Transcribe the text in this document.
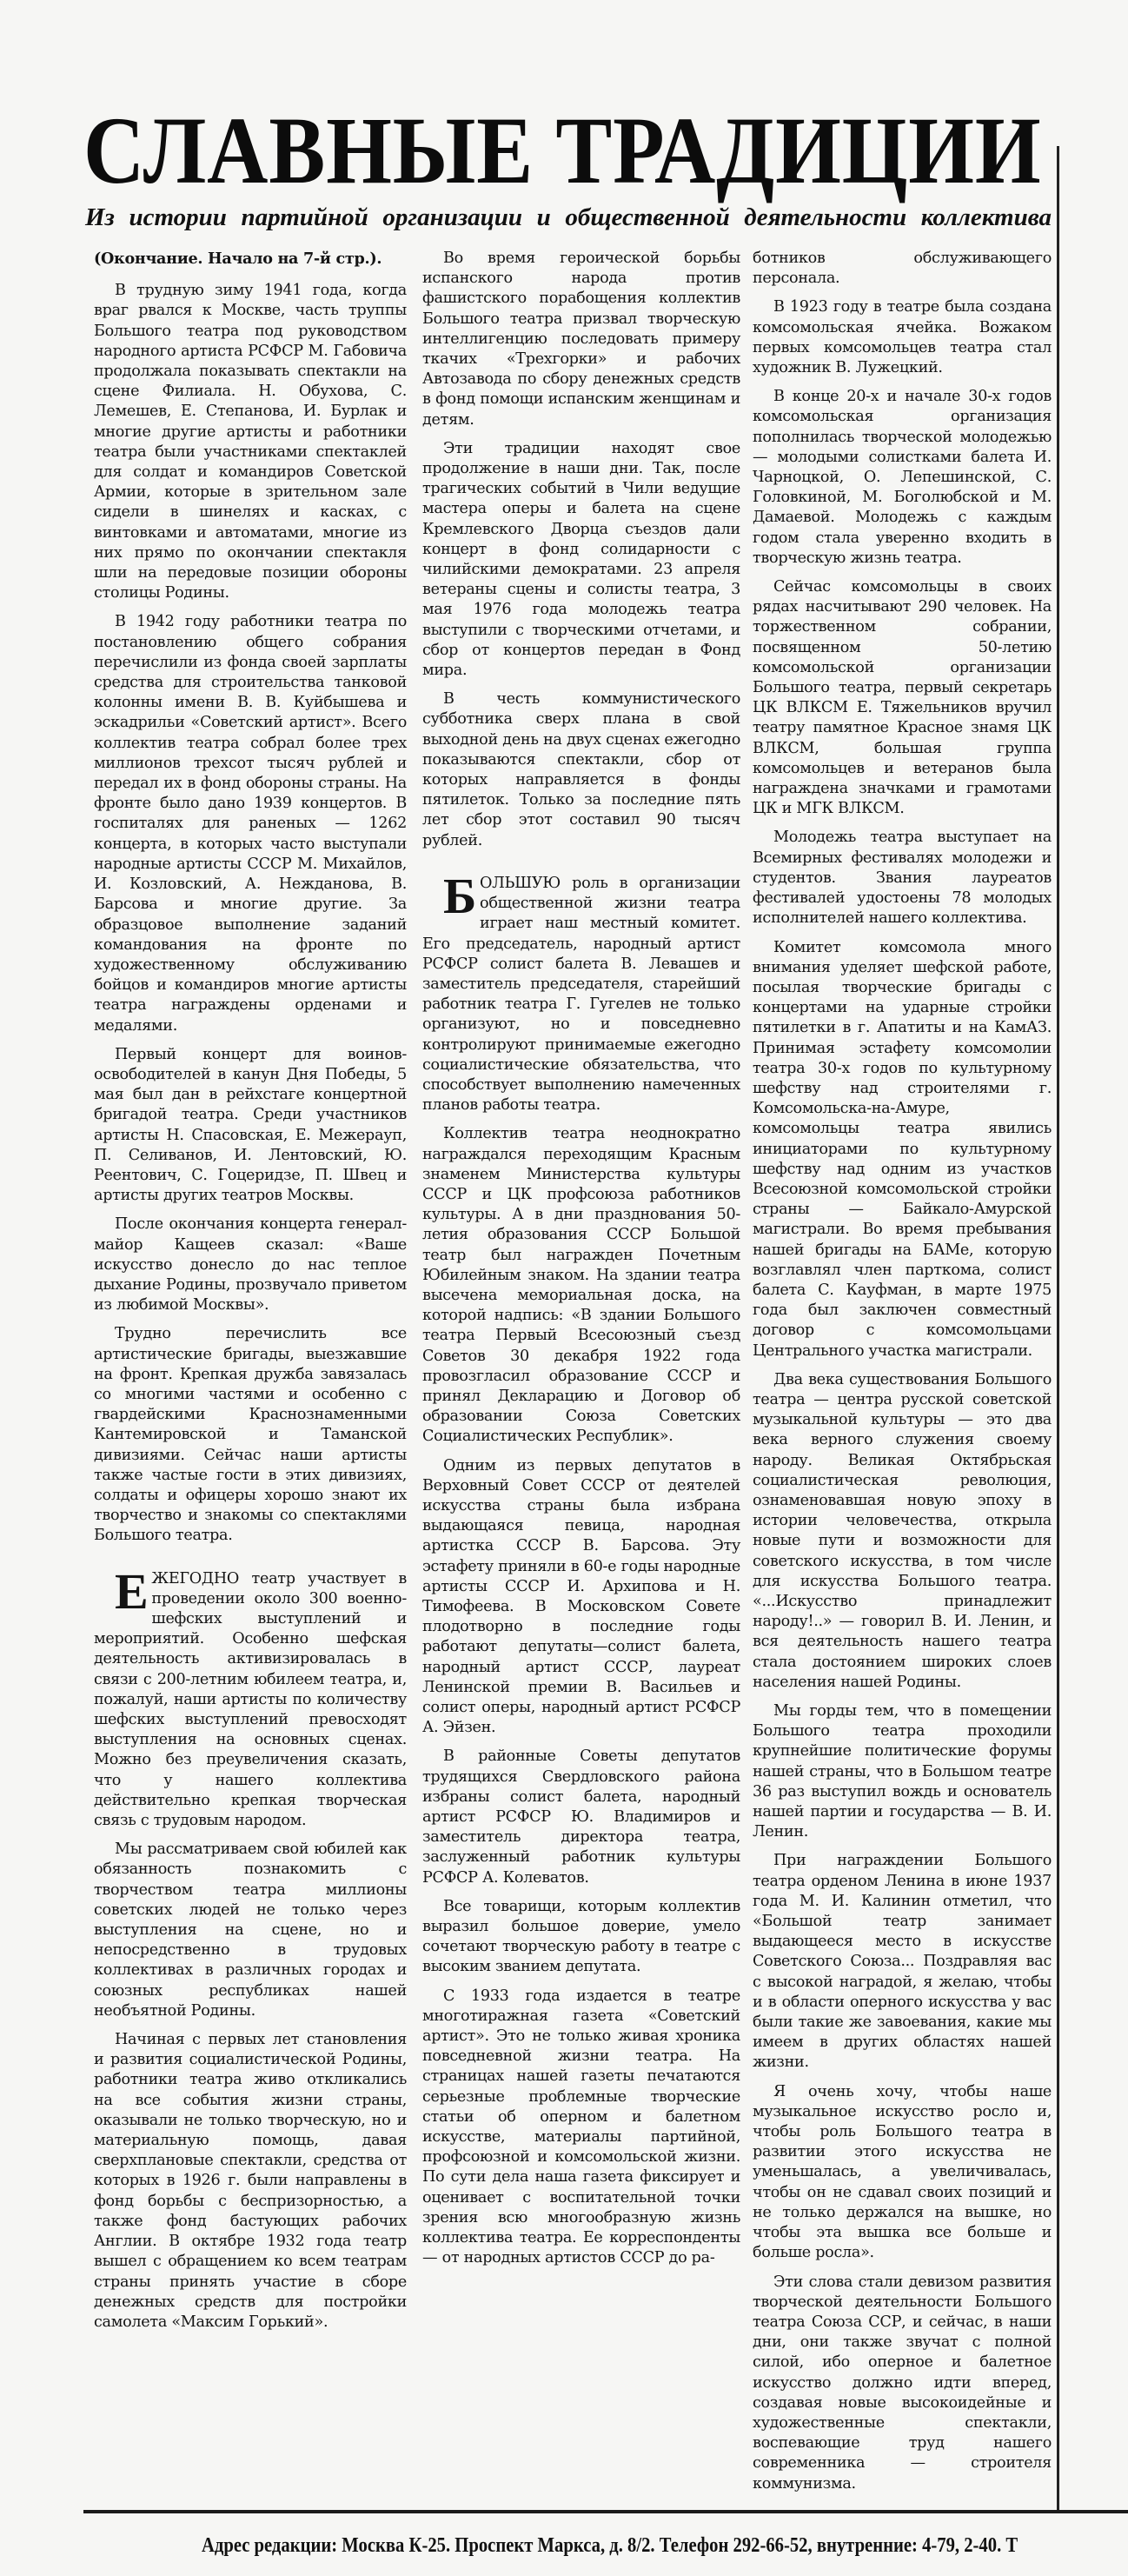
СЛАВНЫЕ ТРАДИЦИИ
Из истории партийной организации и общественной деятельности коллектива

(Окончание. Начало на 7-й стр.).

В трудную зиму 1941 года, когда враг рвался к Москве, часть труппы Большого театра под руководством народного артиста РСФСР М. Габовича продолжала показывать спектакли на сцене Филиала. Н. Обухова, С. Лемешев, Е. Степанова, И. Бурлак и многие другие артисты и работники театра были участниками спектаклей для солдат и командиров Советской Армии, которые в зрительном зале сидели в шинелях и касках, с винтовками и автоматами, многие из них прямо по окончании спектакля шли на передовые позиции обороны столицы Родины.

В 1942 году работники театра по постановлению общего собрания перечислили из фонда своей зарплаты средства для строительства танковой колонны имени В. В. Куйбышева и эскадрильи «Советский артист». Всего коллектив театра собрал более трех миллионов трехсот тысяч рублей и передал их в фонд обороны страны. На фронте было дано 1939 концертов. В госпиталях для раненых — 1262 концерта, в которых часто выступали народные артисты СССР М. Михайлов, И. Козловский, А. Нежданова, В. Барсова и многие другие. За образцовое выполнение заданий командования на фронте по художественному обслуживанию бойцов и командиров многие артисты театра награждены орденами и медалями.

Первый концерт для воинов-освободителей в канун Дня Победы, 5 мая был дан в рейхстаге концертной бригадой театра. Среди участников артисты Н. Спасовская, Е. Межерауп, П. Селиванов, И. Лентовский, Ю. Реентович, С. Гоцеридзе, П. Швец и артисты других театров Москвы.

После окончания концерта генерал-майор Кащеев сказал: «Ваше искусство донесло до нас теплое дыхание Родины, прозвучало приветом из любимой Москвы».

Трудно перечислить все артистические бригады, выезжавшие на фронт. Крепкая дружба завязалась со многими частями и особенно с гвардейскими Краснознаменными Кантемировской и Таманской дивизиями. Сейчас наши артисты также частые гости в этих дивизиях, солдаты и офицеры хорошо знают их творчество и знакомы со спектаклями Большого театра.

ЕЖЕГОДНО театр участвует в проведении около 300 военно-шефских выступлений и мероприятий. Особенно шефская деятельность активизировалась в связи с 200-летним юбилеем театра, и, пожалуй, наши артисты по количеству шефских выступлений превосходят выступления на основных сценах. Можно без преувеличения сказать, что у нашего коллектива действительно крепкая творческая связь с трудовым народом.

Мы рассматриваем свой юбилей как обязанность познакомить с творчеством театра миллионы советских людей не только через выступления на сцене, но и непосредственно в трудовых коллективах в различных городах и союзных республиках нашей необъятной Родины.

Начиная с первых лет становления и развития социалистической Родины, работники театра живо откликались на все события жизни страны, оказывали не только творческую, но и материальную помощь, давая сверхплановые спектакли, средства от которых в 1926 г. были направлены в фонд борьбы с беспризорностью, а также фонд бастующих рабочих Англии. В октябре 1932 года театр вышел с обращением ко всем театрам страны принять участие в сборе денежных средств для постройки самолета «Максим Горький».

Во время героической борьбы испанского народа против фашистского порабощения коллектив Большого театра призвал творческую интеллигенцию последовать примеру ткачих «Трехгорки» и рабочих Автозавода по сбору денежных средств в фонд помощи испанским женщинам и детям.

Эти традиции находят свое продолжение в наши дни. Так, после трагических событий в Чили ведущие мастера оперы и балета на сцене Кремлевского Дворца съездов дали концерт в фонд солидарности с чилийскими демократами. 23 апреля ветераны сцены и солисты театра, 3 мая 1976 года молодежь театра выступили с творческими отчетами, и сбор от концертов передан в Фонд мира.

В честь коммунистического субботника сверх плана в свой выходной день на двух сценах ежегодно показываются спектакли, сбор от которых направляется в фонды пятилеток. Только за последние пять лет сбор этот составил 90 тысяч рублей.

БОЛЬШУЮ роль в организации общественной жизни театра играет наш местный комитет. Его председатель, народный артист РСФСР солист балета В. Левашев и заместитель председателя, старейший работник театра Г. Гугелев не только организуют, но и повседневно контролируют принимаемые ежегодно социалистические обязательства, что способствует выполнению намеченных планов работы театра.

Коллектив театра неоднократно награждался переходящим Красным знаменем Министерства культуры СССР и ЦК профсоюза работников культуры. А в дни празднования 50-летия образования СССР Большой театр был награжден Почетным Юбилейным знаком. На здании театра высечена мемориальная доска, на которой надпись: «В здании Большого театра Первый Всесоюзный съезд Советов 30 декабря 1922 года провозгласил образование СССР и принял Декларацию и Договор об образовании Союза Советских Социалистических Республик».

Одним из первых депутатов в Верховный Совет СССР от деятелей искусства страны была избрана выдающаяся певица, народная артистка СССР В. Барсова. Эту эстафету приняли в 60-е годы народные артисты СССР И. Архипова и Н. Тимофеева. В Московском Совете плодотворно в последние годы работают депутаты—солист балета, народный артист СССР, лауреат Ленинской премии В. Васильев и солист оперы, народный артист РСФСР А. Эйзен.

В районные Советы депутатов трудящихся Свердловского района избраны солист балета, народный артист РСФСР Ю. Владимиров и заместитель директора театра, заслуженный работник культуры РСФСР А. Колеватов.

Все товарищи, которым коллектив выразил большое доверие, умело сочетают творческую работу в театре с высоким званием депутата.

С 1933 года издается в театре многотиражная газета «Советский артист». Это не только живая хроника повседневной жизни театра. На страницах нашей газеты печатаются серьезные проблемные творческие статьи об оперном и балетном искусстве, материалы партийной, профсоюзной и комсомольской жизни. По сути дела наша газета фиксирует и оценивает с воспитательной точки зрения всю многообразную жизнь коллектива театра. Ее корреспонденты — от народных артистов СССР до ра-

ботников обслуживающего персонала.

В 1923 году в театре была создана комсомольская ячейка. Вожаком первых комсомольцев театра стал художник В. Лужецкий.

В конце 20-х и начале 30-х годов комсомольская организация пополнилась творческой молодежью — молодыми солистками балета И. Чарноцкой, О. Лепешинской, С. Головкиной, М. Боголюбской и М. Дамаевой. Молодежь с каждым годом стала уверенно входить в творческую жизнь театра.

Сейчас комсомольцы в своих рядах насчитывают 290 человек. На торжественном собрании, посвященном 50-летию комсомольской организации Большого театра, первый секретарь ЦК ВЛКСМ Е. Тяжельников вручил театру памятное Красное знамя ЦК ВЛКСМ, большая группа комсомольцев и ветеранов была награждена значками и грамотами ЦК и МГК ВЛКСМ.

Молодежь театра выступает на Всемирных фестивалях молодежи и студентов. Звания лауреатов фестивалей удостоены 78 молодых исполнителей нашего коллектива.

Комитет комсомола много внимания уделяет шефской работе, посылая творческие бригады с концертами на ударные стройки пятилетки в г. Апатиты и на КамАЗ. Принимая эстафету комсомолии театра 30-х годов по культурному шефству над строителями г. Комсомольска-на-Амуре, комсомольцы театра явились инициаторами по культурному шефству над одним из участков Всесоюзной комсомольской стройки страны — Байкало-Амурской магистрали. Во время пребывания нашей бригады на БАМе, которую возглавлял член парткома, солист балета С. Кауфман, в марте 1975 года был заключен совместный договор с комсомольцами Центрального участка магистрали.

Два века существования Большого театра — центра русской советской музыкальной культуры — это два века верного служения своему народу. Великая Октябрьская социалистическая революция, ознаменовавшая новую эпоху в истории человечества, открыла новые пути и возможности для советского искусства, в том числе для искусства Большого театра. «...Искусство принадлежит народу!..» — говорил В. И. Ленин, и вся деятельность нашего театра стала достоянием широких слоев населения нашей Родины.

Мы горды тем, что в помещении Большого театра проходили крупнейшие политические форумы нашей страны, что в Большом театре 36 раз выступил вождь и основатель нашей партии и государства — В. И. Ленин.

При награждении Большого театра орденом Ленина в июне 1937 года М. И. Калинин отметил, что «Большой театр занимает выдающееся место в искусстве Советского Союза... Поздравляя вас с высокой наградой, я желаю, чтобы и в области оперного искусства у вас были такие же завоевания, какие мы имеем в других областях нашей жизни.

Я очень хочу, чтобы наше музыкальное искусство росло и, чтобы роль Большого театра в развитии этого искусства не уменьшалась, а увеличивалась, чтобы он не сдавал своих позиций и не только держался на вышке, но чтобы эта вышка все больше и больше росла».

Эти слова стали девизом развития творческой деятельности Большого театра Союза ССР, и сейчас, в наши дни, они также звучат с полной силой, ибо оперное и балетное искусство должно идти вперед, создавая новые высокоидейные и художественные спектакли, воспевающие труд нашего современника — строителя коммунизма.

Адрес редакции: Москва К-25. Проспект Маркса, д. 8/2. Телефон 292-66-52, внутренние: 4-79, 2-40. Т
